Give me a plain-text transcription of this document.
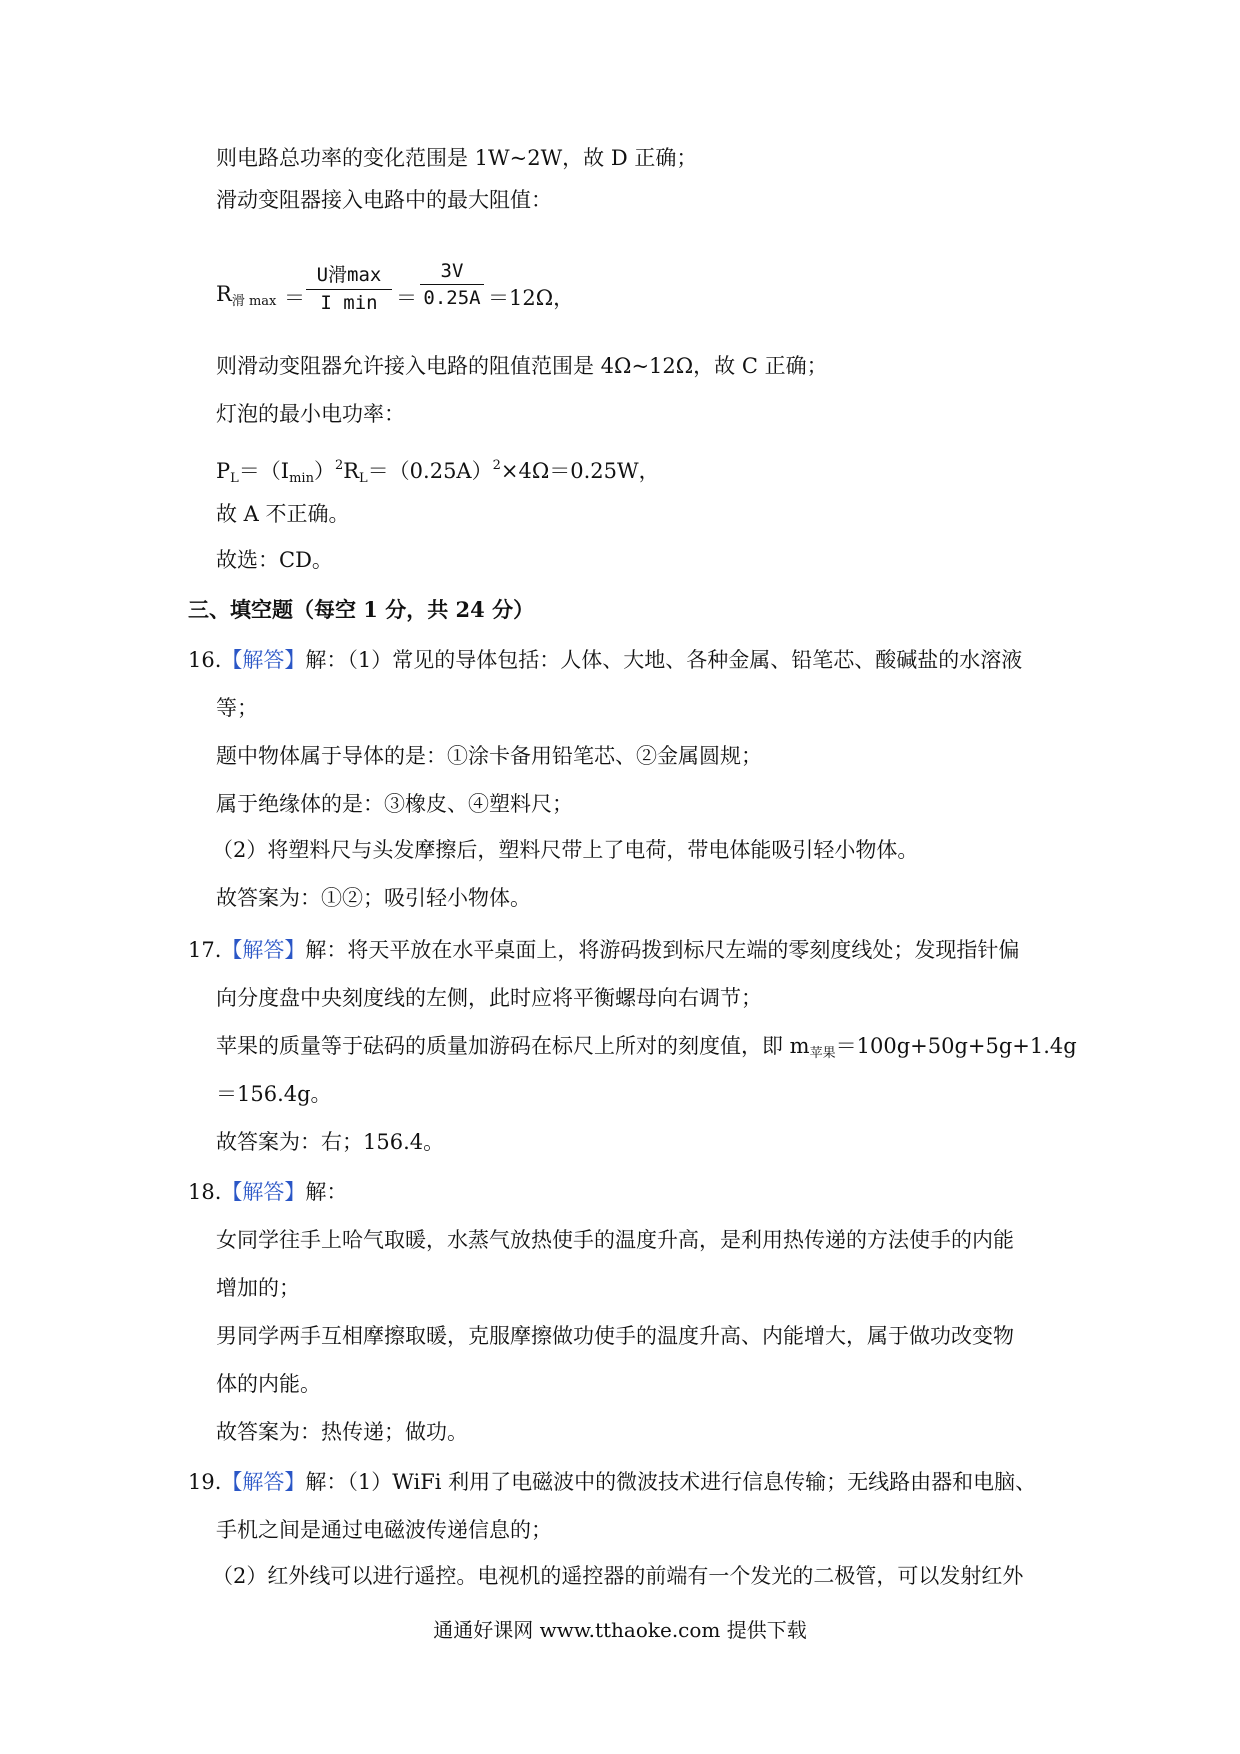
则电路总功率的变化范围是 1W~2W，故 D 正确；
滑动变阻器接入电路中的最大阻值：
$R_{滑 max}$ ＝
U滑max
I min ＝
3V
0.25A ＝12Ω，
则滑动变阻器允许接入电路的阻值范围是 4Ω~12Ω，故 C 正确；
灯泡的最小电功率：
$P_L=(I_{min})^2R_L=(0.25A)^2\times 4\Omega=0.25W$，
故 A 不正确。
故选：CD。
三、填空题（每空 1 分，共 24 分）
16.【解答】解：（1）常见的导体包括：人体、大地、各种金属、铅笔芯、酸碱盐的水溶液
等；
题中物体属于导体的是：①涂卡备用铅笔芯、②金属圆规；
属于绝缘体的是：③橡皮、④塑料尺；
（2）将塑料尺与头发摩擦后，塑料尺带上了电荷，带电体能吸引轻小物体。
故答案为：①②；吸引轻小物体。
17.【解答】解：将天平放在水平桌面上，将游码拨到标尺左端的零刻度线处；发现指针偏
向分度盘中央刻度线的左侧，此时应将平衡螺母向右调节；
苹果的质量等于砝码的质量加游码在标尺上所对的刻度值，即 $m_{苹果}=100g+50g+5g+1.4g$
＝156.4g。
故答案为：右；156.4。
18.【解答】解：
女同学往手上哈气取暖，水蒸气放热使手的温度升高，是利用热传递的方法使手的内能
增加的；
男同学两手互相摩擦取暖，克服摩擦做功使手的温度升高、内能增大，属于做功改变物
体的内能。
故答案为：热传递；做功。
19.【解答】解：（1）WiFi 利用了电磁波中的微波技术进行信息传输；无线路由器和电脑、
手机之间是通过电磁波传递信息的；
（2）红外线可以进行遥控。电视机的遥控器的前端有一个发光的二极管，可以发射红外
通通好课网 www.tthaoke.com 提供下载
